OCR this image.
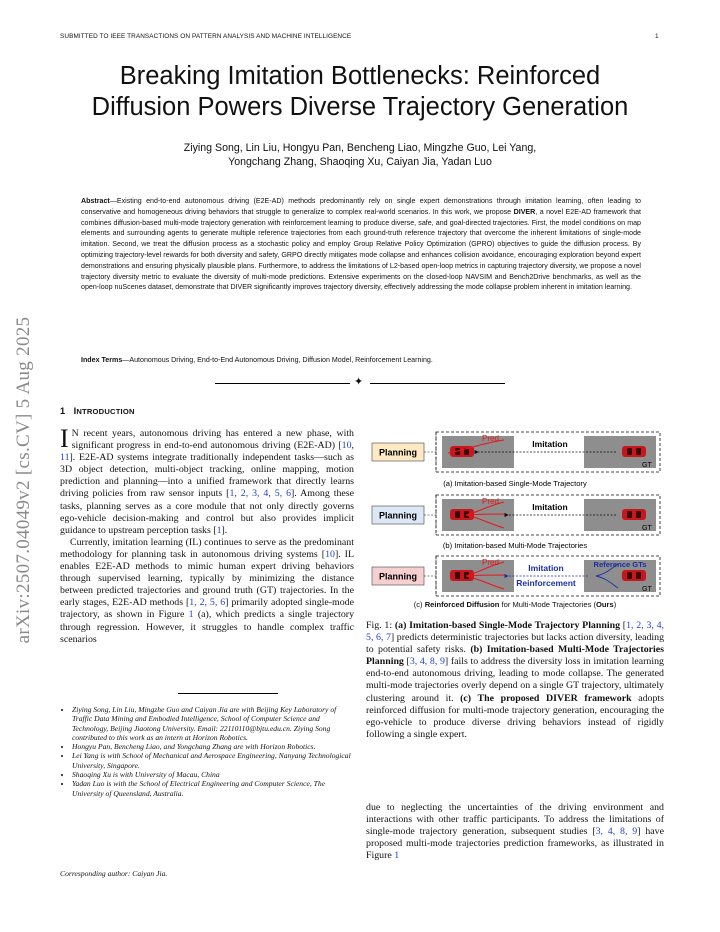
SUBMITTED TO IEEE TRANSACTIONS ON PATTERN ANALYSIS AND MACHINE INTELLIGENCE	1
Breaking Imitation Bottlenecks: Reinforced
Diffusion Powers Diverse Trajectory Generation
Ziying Song, Lin Liu, Hongyu Pan, Bencheng Liao, Mingzhe Guo, Lei Yang,
Yongchang Zhang, Shaoqing Xu, Caiyan Jia, Yadan Luo
Abstract—Existing end-to-end autonomous driving (E2E-AD) methods predominantly rely on single expert demonstrations through imitation learning, often leading to conservative and homogeneous driving behaviors that struggle to generalize to complex real-world scenarios. In this work, we propose DIVER, a novel E2E-AD framework that combines diffusion-based multi-mode trajectory generation with reinforcement learning to produce diverse, safe, and goal-directed trajectories. First, the model conditions on map elements and surrounding agents to generate multiple reference trajectories from each ground-truth reference trajectory that overcome the inherent limitations of single-mode imitation. Second, we treat the diffusion process as a stochastic policy and employ Group Relative Policy Optimization (GPRO) objectives to guide the diffusion process. By optimizing trajectory-level rewards for both diversity and safety, GRPO directly mitigates mode collapse and enhances collision avoidance, encouraging exploration beyond expert demonstrations and ensuring physically plausible plans. Furthermore, to address the limitations of L2-based open-loop metrics in capturing trajectory diversity, we propose a novel trajectory diversity metric to evaluate the diversity of multi-mode predictions. Extensive experiments on the closed-loop NAVSIM and Bench2Drive benchmarks, as well as the open-loop nuScenes dataset, demonstrate that DIVER significantly improves trajectory diversity, effectively addressing the mode collapse problem inherent in imitation learning.
Index Terms—Autonomous Driving, End-to-End Autonomous Driving, Diffusion Model, Reinforcement Learning.
✦
arXiv:2507.04049v2 [cs.CV] 5 Aug 2025	1 INTRODUCTION

I N recent years, autonomous driving has entered a new phase, with significant progress in end-to-end autonomous driving (E2E-AD) [10, 11]. E2E-AD systems integrate traditionally independent tasks—such as 3D object detection, multi-object tracking, online mapping, motion prediction and planning—into a unified framework that directly learns driving policies from raw sensor inputs [1, 2, 3, 4, 5, 6]. Among these tasks, planning serves as a core module that not only directly governs ego-vehicle decision-making and control but also provides implicit guidance to upstream perception tasks [1].

Currently, imitation learning (IL) continues to serve as the predominant methodology for planning task in autonomous driving systems [10]. IL enables E2E-AD methods to mimic human expert driving behaviors through supervised learning, typically by minimizing the distance between predicted trajectories and ground truth (GT) trajectories. In the early stages, E2E-AD methods [1, 2, 5, 6] primarily adopted single-mode trajectory, as shown in Figure 1 (a), which predicts a single trajectory through regression. However, it struggles to handle complex traffic scenarios

• Ziying Song, Lin Liu, Mingzhe Guo and Caiyan Jia are with Beijing Key Laboratory of Traffic Data Mining and Embodied Intelligence, School of Computer Science and Technology, Beijing Jiaotong University. Email: 22110110@bjtu.edu.cn. Ziying Song contributed to this work as an intern at Horizon Robotics.
• Hongyu Pan, Bencheng Liao, and Yongchang Zhang are with Horizon Robotics.
• Lei Yang is with School of Mechanical and Aerospace Engineering, Nanyang Technological University, Singapore.
• Shaoqing Xu is with University of Macau, China
• Yadan Luo is with the School of Electrical Engineering and Computer Science, The University of Queensland, Australia.
Corresponding author: Caiyan Jia.
Planning
Pred
Imitation
GT
(a) Imitation-based Single-Mode Trajectory
Planning
Pred
Imitation
GT
(b) Imitation-based Multi-Mode Trajectories
Planning
Pred
Imitation
Reinforcement
Reference GTs
GT
(c) Reinforced Diffusion for Multi-Mode Trajectories (Ours)
Fig. 1: (a) Imitation-based Single-Mode Trajectory Planning [1, 2, 3, 4, 5, 6, 7] predicts deterministic trajectories but lacks action diversity, leading to potential safety risks. (b) Imitation-based Multi-Mode Trajectories Planning [3, 4, 8, 9] fails to address the diversity loss in imitation learning end-to-end autonomous driving, leading to mode collapse. The generated multi-mode trajectories overly depend on a single GT trajectory, ultimately clustering around it. (c) The proposed DIVER framework adopts reinforced diffusion for multi-mode trajectory generation, encouraging the ego-vehicle to produce diverse driving behaviors instead of rigidly following a single expert.
due to neglecting the uncertainties of the driving environment and interactions with other traffic participants. To address the limitations of single-mode trajectory generation, subsequent studies [3, 4, 8, 9] have proposed multi-mode trajectories prediction frameworks, as illustrated in Figure 1
